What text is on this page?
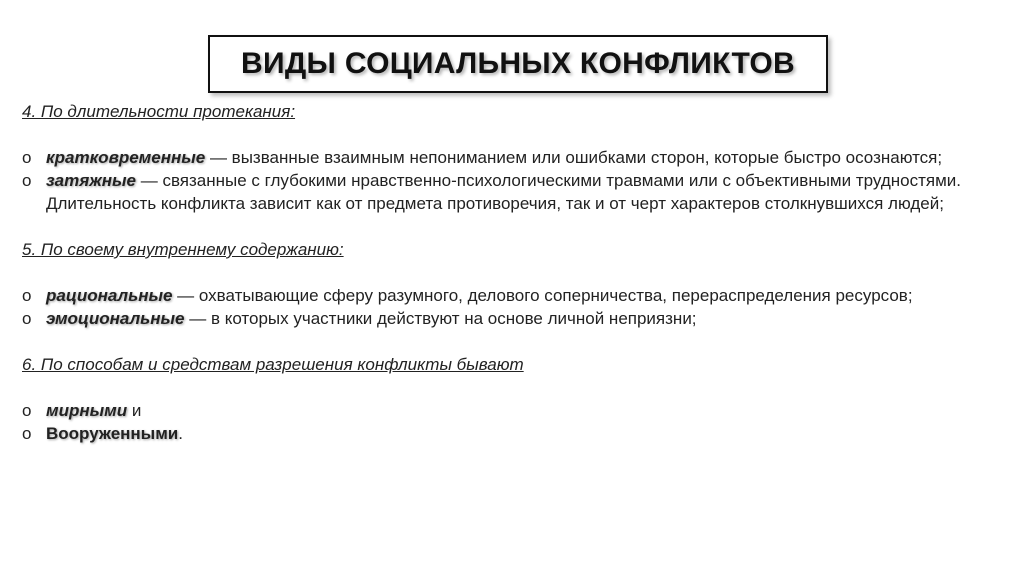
ВИДЫ СОЦИАЛЬНЫХ КОНФЛИКТОВ

4. По длительности протекания:

o кратковременные — вызванные взаимным непониманием или ошибками сторон, которые быстро осознаются;
o затяжные — связанные с глубокими нравственно-психологическими травмами или с объективными трудностями. Длительность конфликта зависит как от предмета противоречия, так и от черт характеров столкнувшихся людей;

5. По своему внутреннему содержанию:

o рациональные — охватывающие сферу разумного, делового соперничества, перераспределения ресурсов;
o эмоциональные — в которых участники действуют на основе личной неприязни;

6. По способам и средствам разрешения конфликты бывают

o мирными и
o Вооруженными.
